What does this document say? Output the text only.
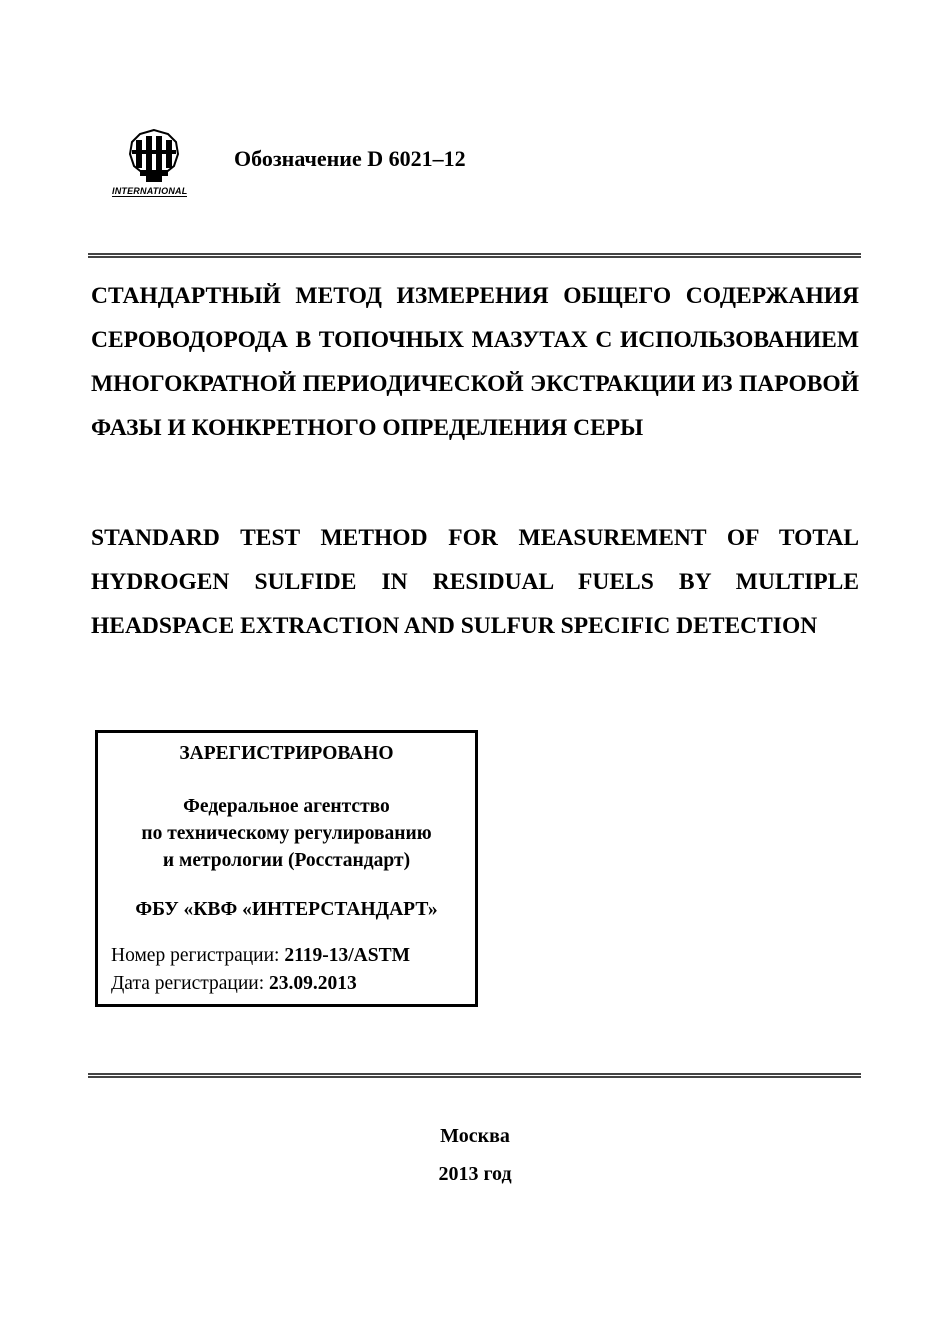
INTERNATIONAL
Обозначение D 6021–12
СТАНДАРТНЫЙ МЕТОД ИЗМЕРЕНИЯ ОБЩЕГО СОДЕРЖАНИЯ СЕРОВОДОРОДА В ТОПОЧНЫХ МАЗУТАХ С ИСПОЛЬЗОВАНИЕМ МНОГОКРАТНОЙ ПЕРИОДИЧЕСКОЙ ЭКСТРАКЦИИ ИЗ ПАРОВОЙ ФАЗЫ И КОНКРЕТНОГО ОПРЕДЕЛЕНИЯ СЕРЫ
STANDARD TEST METHOD FOR MEASUREMENT OF TOTAL HYDROGEN SULFIDE IN RESIDUAL FUELS BY MULTIPLE HEADSPACE EXTRACTION AND SULFUR SPECIFIC DETECTION
ЗАРЕГИСТРИРОВАНО
Федеральное агентство
по техническому регулированию
и метрологии (Росстандарт)
ФБУ «КВФ «ИНТЕРСТАНДАРТ»
Номер регистрации: 2119-13/ASTM
Дата регистрации: 23.09.2013
Москва
2013 год
